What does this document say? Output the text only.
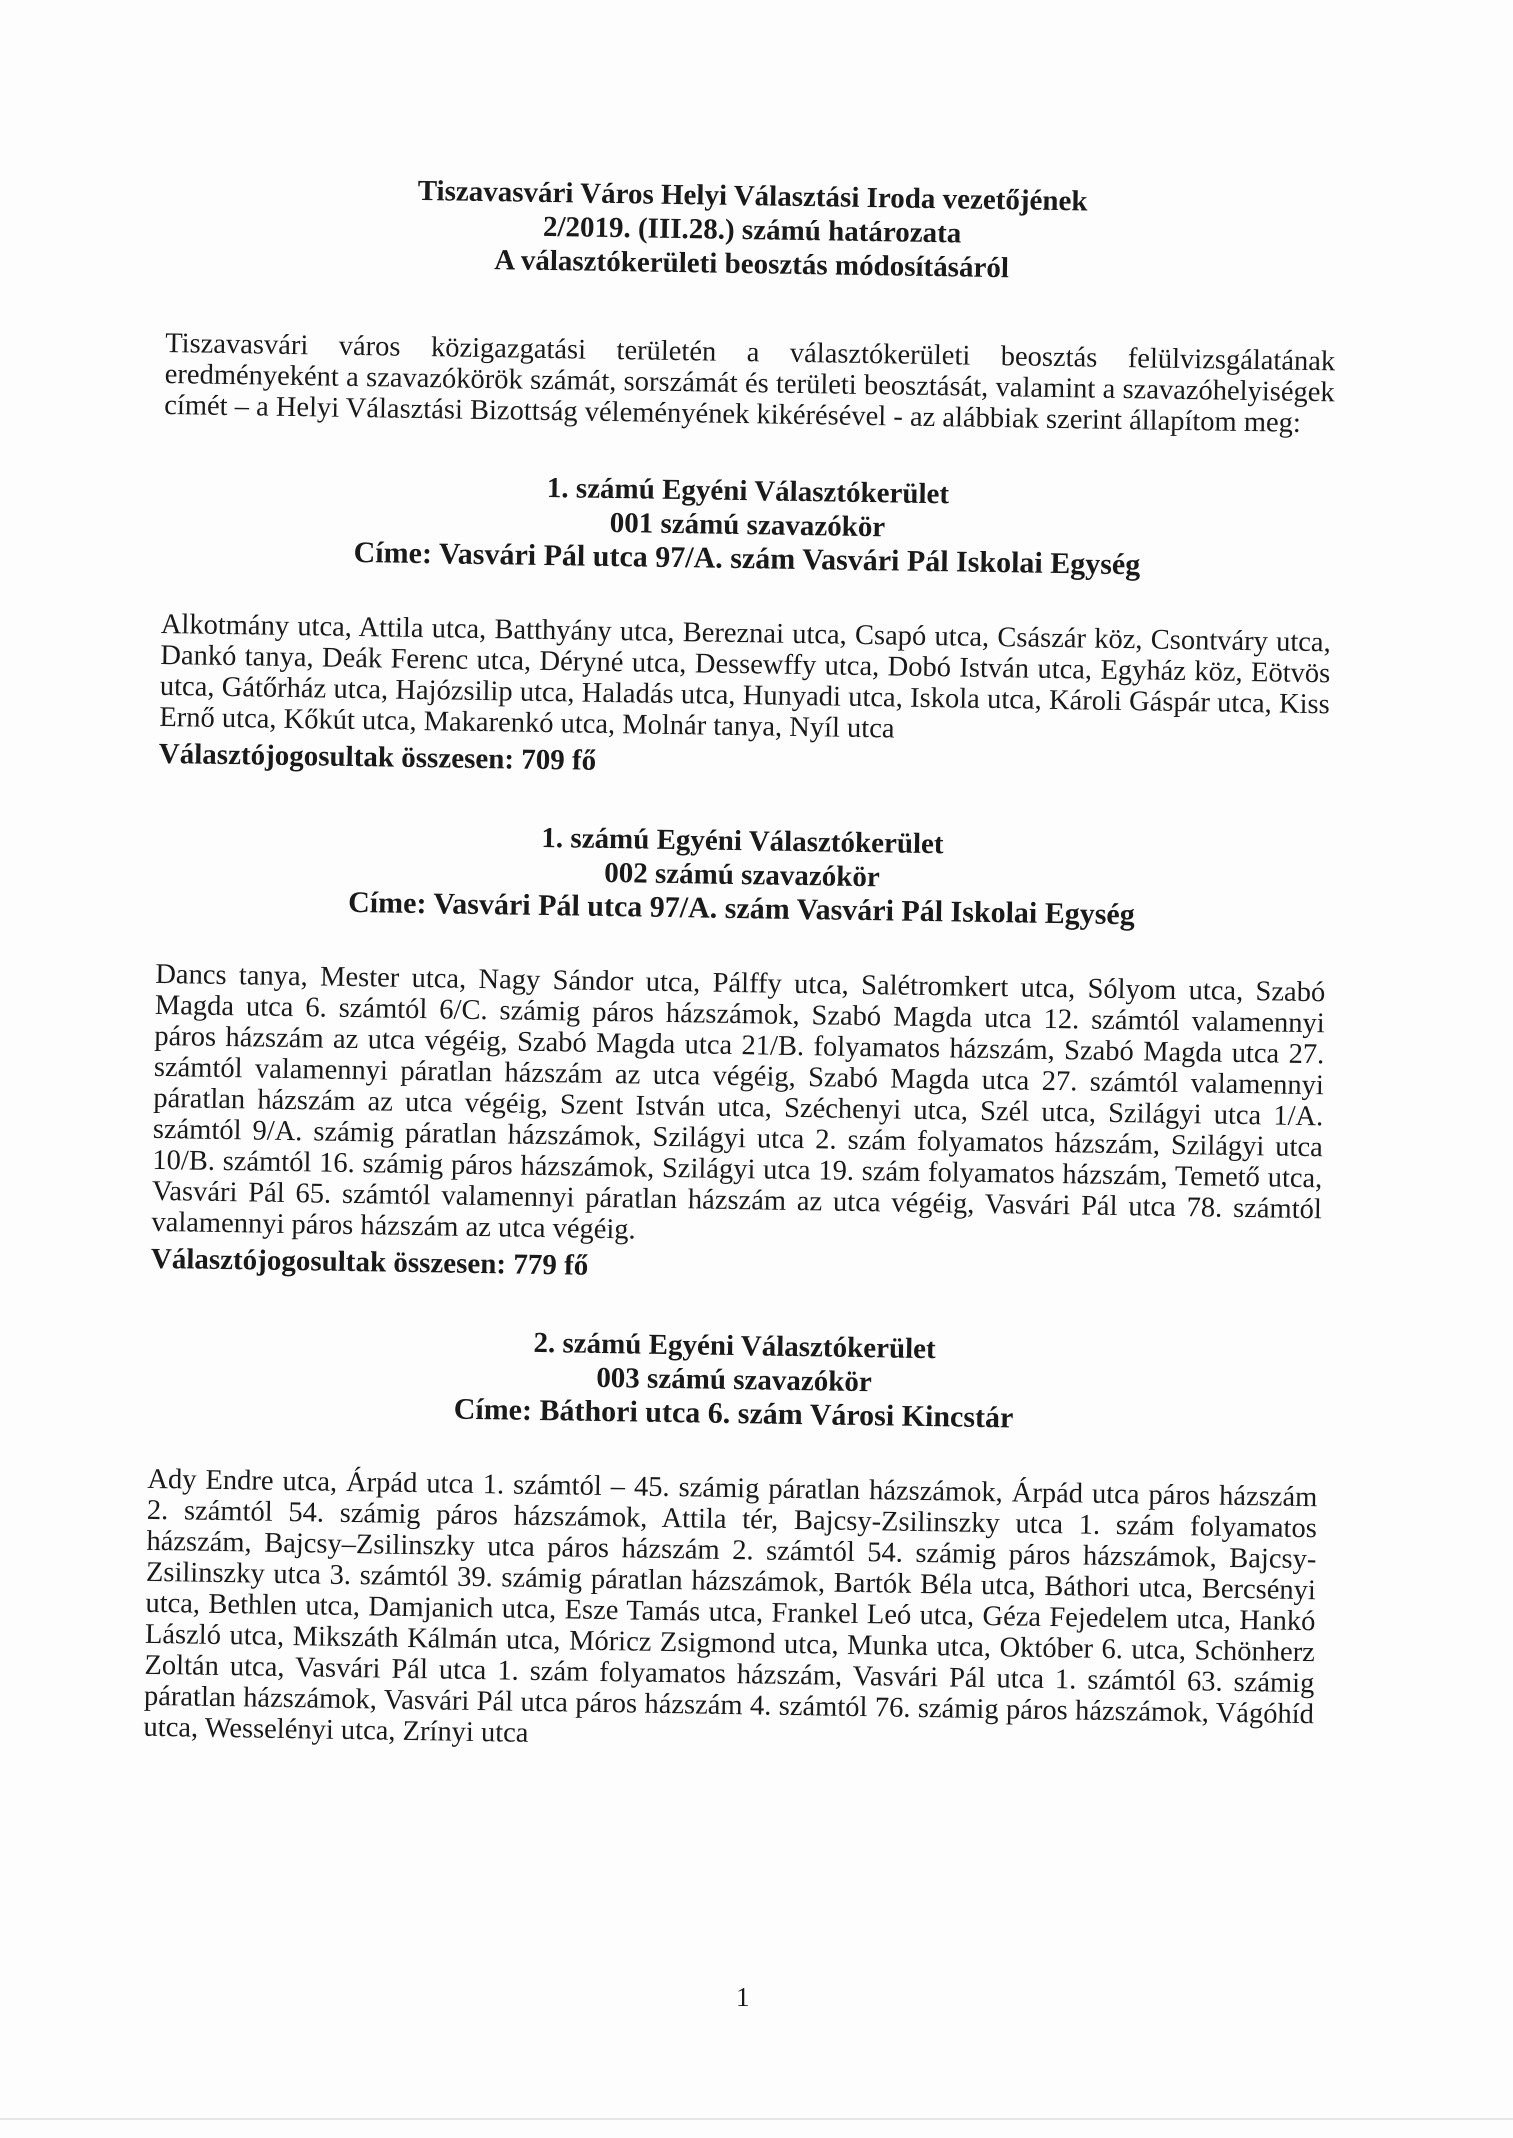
Tiszavasvári Város Helyi Választási Iroda vezetőjének
2/2019. (III.28.) számú határozata
A választókerületi beosztás módosításáról

Tiszavasvári város közigazgatási területén a választókerületi beosztás felülvizsgálatának eredményeként a szavazókörök számát, sorszámát és területi beosztását, valamint a szavazóhelyiségek címét – a Helyi Választási Bizottság véleményének kikérésével - az alábbiak szerint állapítom meg:

1. számú Egyéni Választókerület
001 számú szavazókör
Címe: Vasvári Pál utca 97/A. szám Vasvári Pál Iskolai Egység

Alkotmány utca, Attila utca, Batthyány utca, Bereznai utca, Csapó utca, Császár köz, Csontváry utca, Dankó tanya, Deák Ferenc utca, Déryné utca, Dessewffy utca, Dobó István utca, Egyház köz, Eötvös utca, Gátőrház utca, Hajózsilip utca, Haladás utca, Hunyadi utca, Iskola utca, Károli Gáspár utca, Kiss Ernő utca, Kőkút utca, Makarenkó utca, Molnár tanya, Nyíl utca

Választójogosultak összesen: 709 fő
1. számú Egyéni Választókerület
002 számú szavazókör
Címe: Vasvári Pál utca 97/A. szám Vasvári Pál Iskolai Egység

Dancs tanya, Mester utca, Nagy Sándor utca, Pálffy utca, Salétromkert utca, Sólyom utca, Szabó Magda utca 6. számtól 6/C. számig páros házszámok, Szabó Magda utca 12. számtól valamennyi páros házszám az utca végéig, Szabó Magda utca 21/B. folyamatos házszám, Szabó Magda utca 27. számtól valamennyi páratlan házszám az utca végéig, Szabó Magda utca 27. számtól valamennyi páratlan házszám az utca végéig, Szent István utca, Széchenyi utca, Szél utca, Szilágyi utca 1/A. számtól 9/A. számig páratlan házszámok, Szilágyi utca 2. szám folyamatos házszám, Szilágyi utca 10/B. számtól 16. számig páros házszámok, Szilágyi utca 19. szám folyamatos házszám, Temető utca, Vasvári Pál 65. számtól valamennyi páratlan házszám az utca végéig, Vasvári Pál utca 78. számtól valamennyi páros házszám az utca végéig.

Választójogosultak összesen: 779 fő
2. számú Egyéni Választókerület
003 számú szavazókör
Címe: Báthori utca 6. szám Városi Kincstár

Ady Endre utca, Árpád utca 1. számtól – 45. számig páratlan házszámok, Árpád utca páros házszám 2. számtól 54. számig páros házszámok, Attila tér, Bajcsy-Zsilinszky utca 1. szám folyamatos házszám, Bajcsy–Zsilinszky utca páros házszám 2. számtól 54. számig páros házszámok, Bajcsy-Zsilinszky utca 3. számtól 39. számig páratlan házszámok, Bartók Béla utca, Báthori utca, Bercsényi utca, Bethlen utca, Damjanich utca, Esze Tamás utca, Frankel Leó utca, Géza Fejedelem utca, Hankó László utca, Mikszáth Kálmán utca, Móricz Zsigmond utca, Munka utca, Október 6. utca, Schönherz Zoltán utca, Vasvári Pál utca 1. szám folyamatos házszám, Vasvári Pál utca 1. számtól 63. számig páratlan házszámok, Vasvári Pál utca páros házszám 4. számtól 76. számig páros házszámok, Vágóhíd utca, Wesselényi utca, Zrínyi utca

1
